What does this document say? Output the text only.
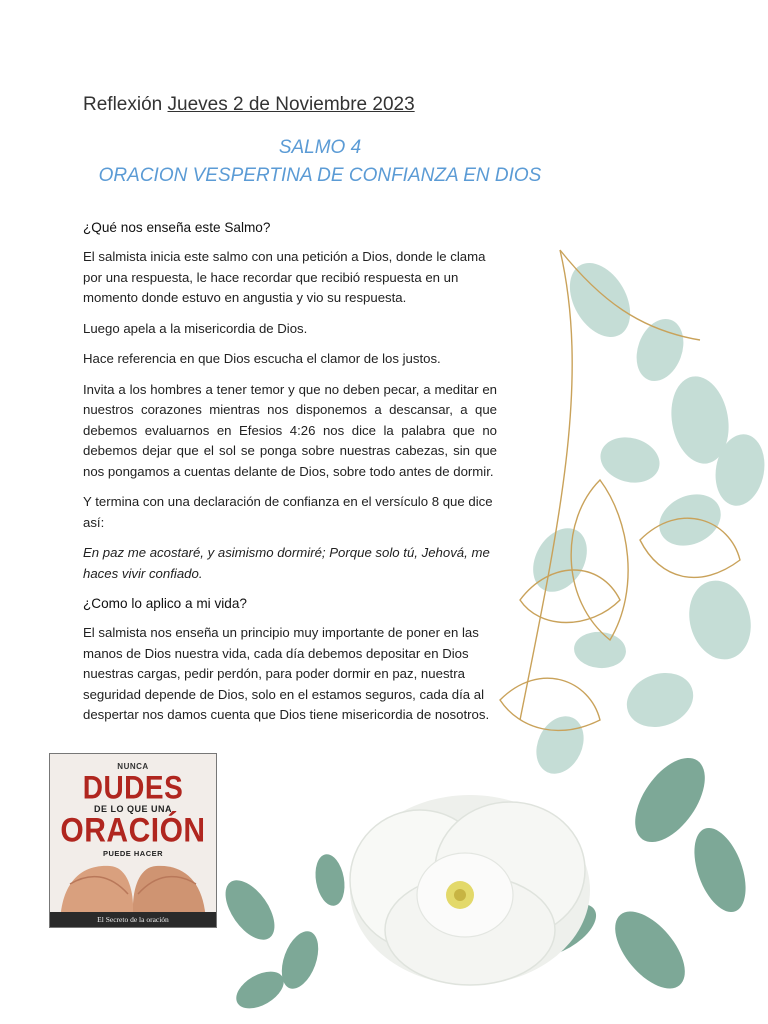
Reflexión Jueves 2 de Noviembre 2023
SALMO 4
ORACION VESPERTINA DE CONFIANZA EN DIOS
¿Qué nos enseña este Salmo?

El salmista inicia este salmo con una petición a Dios, donde le clama por una respuesta, le hace recordar que recibió respuesta en un momento donde estuvo en angustia y vio su respuesta.

Luego apela a la misericordia de Dios.

Hace referencia en que Dios escucha el clamor de los justos.

Invita a los hombres a tener temor y que no deben pecar, a meditar en nuestros corazones mientras nos disponemos a descansar, a que debemos evaluarnos en Efesios 4:26 nos dice la palabra que no debemos dejar que el sol se ponga sobre nuestras cabezas, sin que nos pongamos a cuentas delante de Dios, sobre todo antes de dormir.

Y termina con una declaración de confianza en el versículo 8 que dice así:

En paz me acostaré, y asimismo dormiré; Porque solo tú, Jehová, me haces vivir confiado.

¿Como lo aplico a mi vida?

El salmista nos enseña un principio muy importante de poner en las manos de Dios nuestra vida, cada día debemos depositar en Dios nuestras cargas, pedir perdón, para poder dormir en paz, nuestra seguridad depende de Dios, solo en el estamos seguros, cada día al despertar nos damos cuenta que Dios tiene misericordia de nosotros.

NUNCA
DUDES
DE LO QUE UNA
ORACIÓN
PUEDE HACER
El Secreto de la oración
